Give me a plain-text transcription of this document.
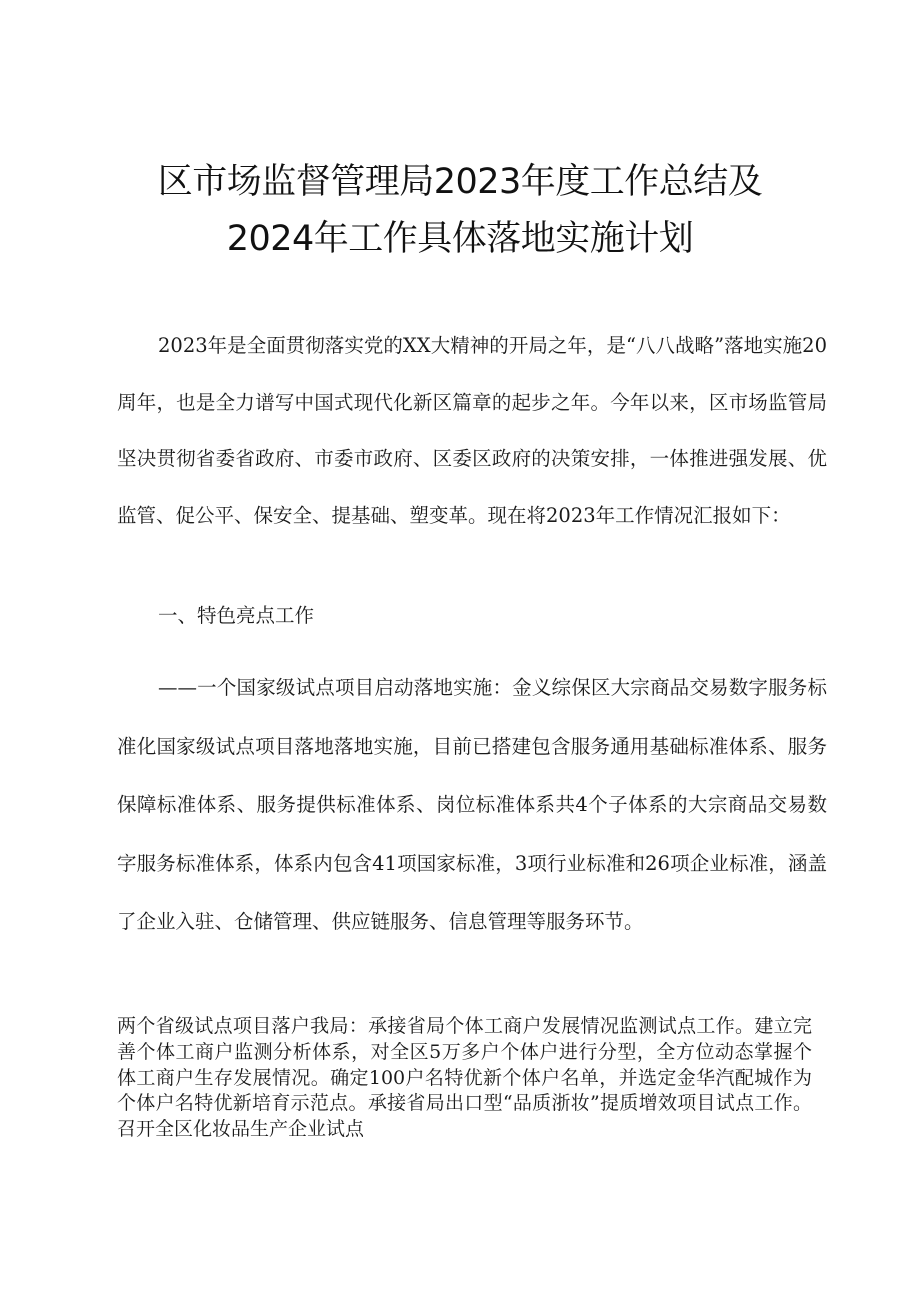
区市场监督管理局2023年度工作总结及
2024年工作具体落地实施计划
2023年是全面贯彻落实党的XX大精神的开局之年，是“八八战略”落地实施20周年，也是全力谱写中国式现代化新区篇章的起步之年。今年以来，区市场监管局坚决贯彻省委省政府、市委市政府、区委区政府的决策安排，一体推进强发展、优监管、促公平、保安全、提基础、塑变革。现在将2023年工作情况汇报如下：
一、特色亮点工作
——一个国家级试点项目启动落地实施：金义综保区大宗商品交易数字服务标准化国家级试点项目落地落地实施，目前已搭建包含服务通用基础标准体系、服务保障标准体系、服务提供标准体系、岗位标准体系共4个子体系的大宗商品交易数字服务标准体系，体系内包含41项国家标准，3项行业标准和26项企业标准，涵盖了企业入驻、仓储管理、供应链服务、信息管理等服务环节。
两个省级试点项目落户我局：承接省局个体工商户发展情况监测试点工作。建立完善个体工商户监测分析体系，对全区5万多户个体户进行分型，全方位动态掌握个体工商户生存发展情况。确定100户名特优新个体户名单，并选定金华汽配城作为个体户名特优新培育示范点。承接省局出口型“品质浙妆”提质增效项目试点工作。召开全区化妆品生产企业试点
